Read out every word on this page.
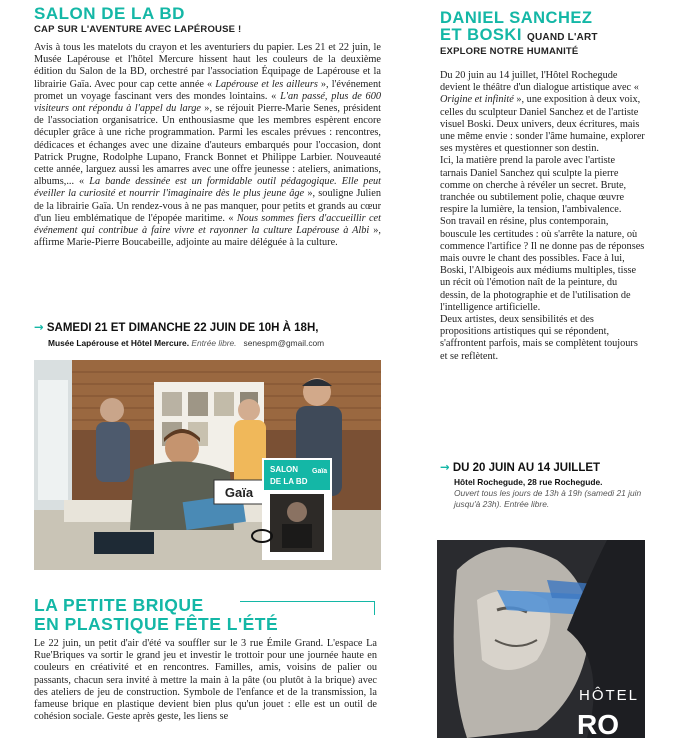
SALON DE LA BD
CAP SUR L'AVENTURE AVEC LAPÉROUSE !

Avis à tous les matelots du crayon et les aventuriers du papier. Les 21 et 22 juin, le Musée Lapérouse et l'hôtel Mercure hissent haut les couleurs de la deuxième édition du Salon de la BD, orchestré par l'association Équipage de Lapérouse et la librairie Gaïa. Avec pour cap cette année « Lapérouse et les ailleurs », l'événement promet un voyage fascinant vers des mondes lointains. « L'an passé, plus de 600 visiteurs ont répondu à l'appel du large », se réjouit Pierre-Marie Senes, président de l'association organisatrice. Un enthousiasme que les membres espèrent encore décupler grâce à une riche programmation. Parmi les escales prévues : rencontres, dédicaces et échanges avec une dizaine d'auteurs embarqués pour l'occasion, dont Patrick Prugne, Rodolphe Lupano, Franck Bonnet et Philippe Larbier. Nouveauté cette année, larguez aussi les amarres avec une offre jeunesse : ateliers, animations, albums,... « La bande dessinée est un formidable outil pédagogique. Elle peut éveiller la curiosité et nourrir l'imaginaire dès le plus jeune âge », souligne Julien de la librairie Gaïa. Un rendez-vous à ne pas manquer, pour petits et grands au cœur d'un lieu emblématique de l'épopée maritime. « Nous sommes fiers d'accueillir cet événement qui contribue à faire vivre et rayonner la culture Lapérouse à Albi », affirme Marie-Pierre Boucabeille, adjointe au maire déléguée à la culture.

→ SAMEDI 21 ET DIMANCHE 22 JUIN DE 10H À 18H,
Musée Lapérouse et Hôtel Mercure. Entrée libre. senespm@gmail.com
Gaïa
SALON
DE LA BD
Gaïa
LA PETITE BRIQUE
EN PLASTIQUE FÊTE L'ÉTÉ

Le 22 juin, un petit d'air d'été va souffler sur le 3 rue Émile Grand. L'espace La Rue'Briques va sortir le grand jeu et investir le trottoir pour une journée haute en couleurs en créativité et en rencontres. Familles, amis, voisins de palier ou passants, chacun sera invité à mettre la main à la pâte (ou plutôt à la brique) avec des ateliers de jeu de construction. Symbole de l'enfance et de la transmission, la fameuse brique en plastique devient bien plus qu'un jouet : elle est un outil de cohésion sociale. Geste après geste, les liens se

DANIEL SANCHEZ
ET BOSKI QUAND L'ART
EXPLORE NOTRE HUMANITÉ

Du 20 juin au 14 juillet, l'Hôtel Rochegude devient le théâtre d'un dialogue artistique avec « Origine et infinité », une exposition à deux voix, celles du sculpteur Daniel Sanchez et de l'artiste visuel Boski. Deux univers, deux écritures, mais une même envie : sonder l'âme humaine, explorer ses mystères et questionner son destin.

Ici, la matière prend la parole avec l'artiste tarnais Daniel Sanchez qui sculpte la pierre comme on cherche à révéler un secret. Brute, tranchée ou subtilement polie, chaque œuvre respire la lumière, la tension, l'ambivalence.

Son travail en résine, plus contemporain, bouscule les certitudes : où s'arrête la nature, où commence l'artifice ? Il ne donne pas de réponses mais ouvre le chant des possibles. Face à lui, Boski, l'Albigeois aux médiums multiples, tisse un récit où l'émotion naît de la peinture, du dessin, de la photographie et de l'utilisation de l'intelligence artificielle.

Deux artistes, deux sensibilités et des propositions artistiques qui se répondent, s'affrontent parfois, mais se complètent toujours et se reflètent.

→ DU 20 JUIN AU 14 JUILLET
Hôtel Rochegude, 28 rue Rochegude.
Ouvert tous les jours de 13h à 19h (samedi 21 juin jusqu'à 23h). Entrée libre.
HÔTEL
RO
